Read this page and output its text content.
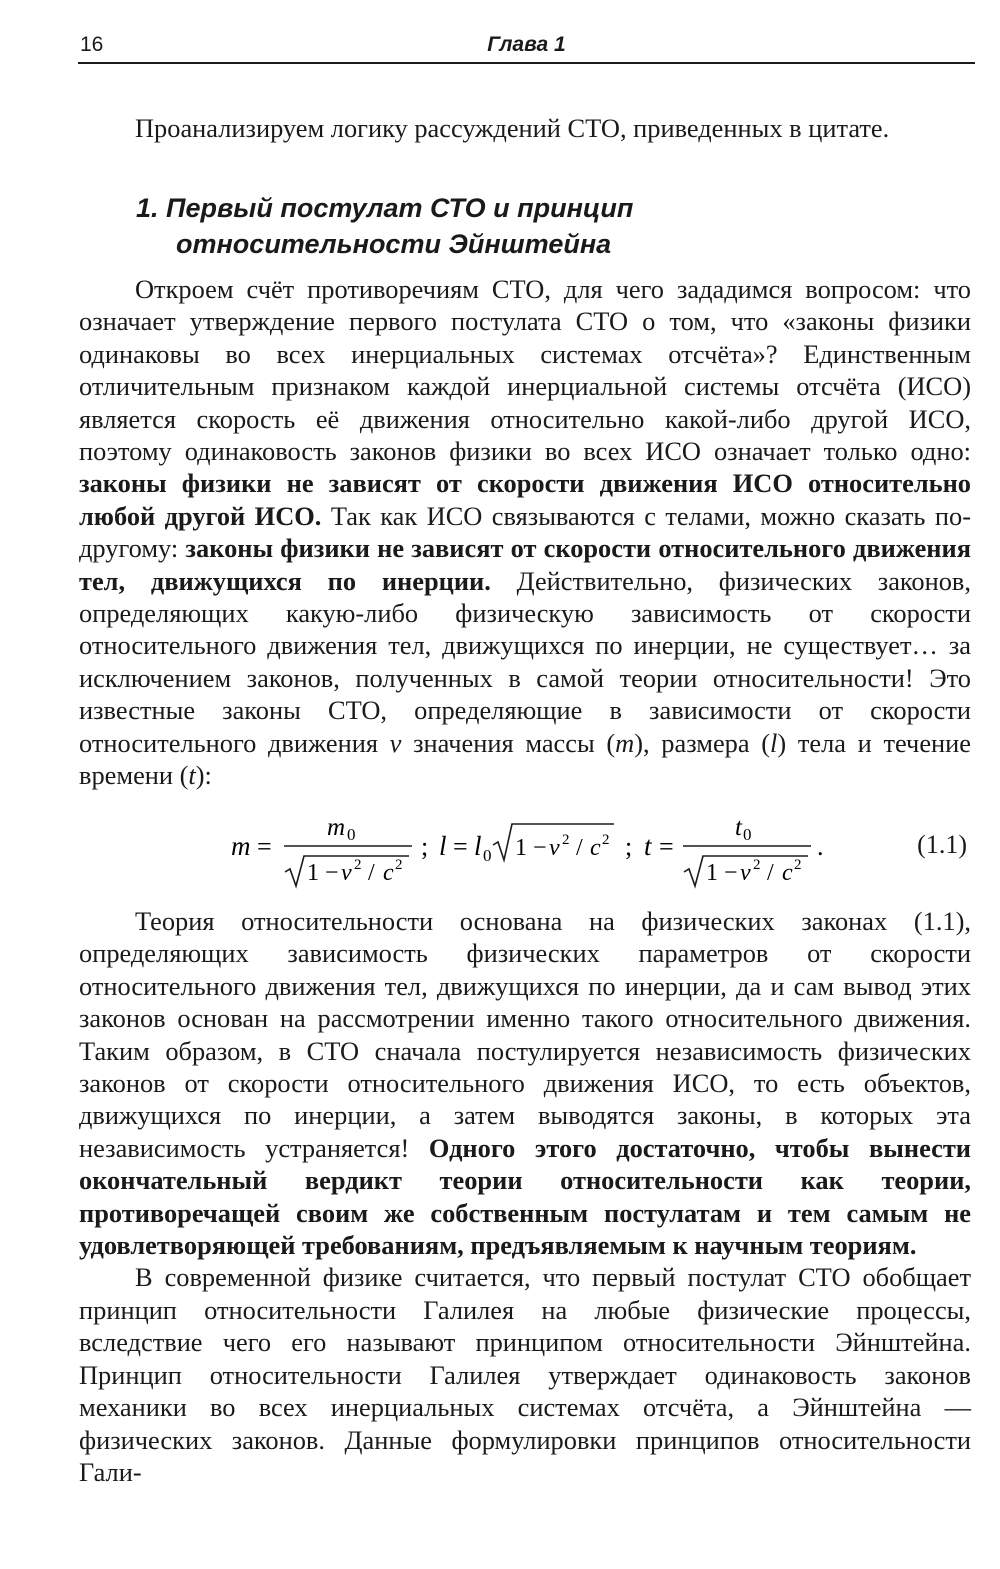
16	Глава 1

Проанализируем логику рассуждений СТО, приведенных в цитате.

1. Первый постулат СТО и принцип
относительности Эйнштейна

Откроем счёт противоречиям СТО, для чего зададимся вопросом: что означает утверждение первого постулата СТО о том, что «законы физики одинаковы во всех инерциальных системах отсчёта»? Единственным отличительным признаком каждой инерциальной системы отсчёта (ИСО) является скорость её движения относительно какой-либо другой ИСО, поэтому одинаковость законов физики во всех ИСО означает только одно: законы физики не зависят от скорости движения ИСО относительно любой другой ИСО. Так как ИСО связываются с телами, можно сказать по-другому: законы физики не зависят от скорости относительного движения тел, движущихся по инерции. Действительно, физических законов, определяющих какую-либо физическую зависимость от скорости относительного движения тел, движущихся по инерции, не существует… за исключением законов, полученных в самой теории относительности! Это известные законы СТО, определяющие в зависимости от скорости относительного движения v значения массы (m), размера (l) тела и течение времени (t):

m =
m 0
1 − v 2 / c 2
; l = l 0 1 − v 2 / c 2 ; t =
t 0
1 − v 2 / c 2
.	(1.1)

Теория относительности основана на физических законах (1.1), определяющих зависимость физических параметров от скорости относительного движения тел, движущихся по инерции, да и сам вывод этих законов основан на рассмотрении именно такого относительного движения. Таким образом, в СТО сначала постулируется независимость физических законов от скорости относительного движения ИСО, то есть объектов, движущихся по инерции, а затем выводятся законы, в которых эта независимость устраняется! Одного этого достаточно, чтобы вынести окончательный вердикт теории относительности как теории, противоречащей своим же собственным постулатам и тем самым не удовлетворяющей требованиям, предъявляемым к научным теориям.

В современной физике считается, что первый постулат СТО обобщает принцип относительности Галилея на любые физические процессы, вследствие чего его называют принципом относительности Эйнштейна. Принцип относительности Галилея утверждает одинаковость законов механики во всех инерциальных системах отсчёта, а Эйнштейна — физических законов. Данные формулировки принципов относительности Гали-
